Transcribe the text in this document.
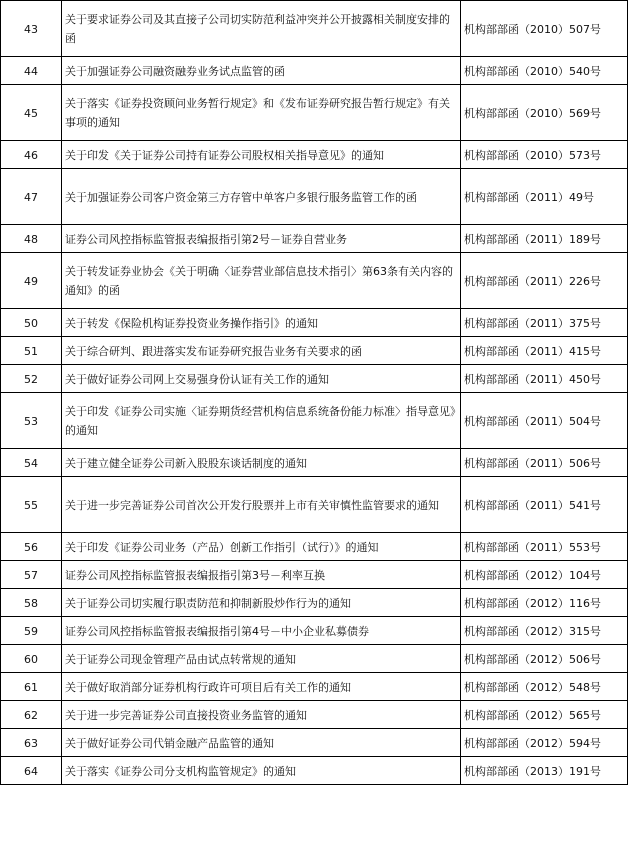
43	关于要求证券公司及其直接子公司切实防范利益冲突并公开披露相关制度安排的函	机构部部函（2010）507号
44	关于加强证券公司融资融券业务试点监管的函	机构部部函（2010）540号
45	关于落实《证券投资顾问业务暂行规定》和《发布证券研究报告暂行规定》有关事项的通知	机构部部函（2010）569号
46	关于印发《关于证券公司持有证券公司股权相关指导意见》的通知	机构部部函（2010）573号
47	关于加强证券公司客户资金第三方存管中单客户多银行服务监管工作的函	机构部部函（2011）49号
48	证券公司风控指标监管报表编报指引第2号－证券自营业务	机构部部函（2011）189号
49	关于转发证券业协会《关于明确〈证券营业部信息技术指引〉第63条有关内容的通知》的函	机构部部函（2011）226号
50	关于转发《保险机构证券投资业务操作指引》的通知	机构部部函（2011）375号
51	关于综合研判、跟进落实发布证券研究报告业务有关要求的函	机构部部函（2011）415号
52	关于做好证券公司网上交易强身份认证有关工作的通知	机构部部函（2011）450号
53	关于印发《证券公司实施〈证券期货经营机构信息系统备份能力标准〉指导意见》的通知	机构部部函（2011）504号
54	关于建立健全证券公司新入股股东谈话制度的通知	机构部部函（2011）506号
55	关于进一步完善证券公司首次公开发行股票并上市有关审慎性监管要求的通知	机构部部函（2011）541号
56	关于印发《证券公司业务（产品）创新工作指引（试行）》的通知	机构部部函（2011）553号
57	证券公司风控指标监管报表编报指引第3号－利率互换	机构部部函（2012）104号
58	关于证券公司切实履行职责防范和抑制新股炒作行为的通知	机构部部函（2012）116号
59	证券公司风控指标监管报表编报指引第4号－中小企业私募债券	机构部部函（2012）315号
60	关于证券公司现金管理产品由试点转常规的通知	机构部部函（2012）506号
61	关于做好取消部分证券机构行政许可项目后有关工作的通知	机构部部函（2012）548号
62	关于进一步完善证券公司直接投资业务监管的通知	机构部部函（2012）565号
63	关于做好证券公司代销金融产品监管的通知	机构部部函（2012）594号
64	关于落实《证券公司分支机构监管规定》的通知	机构部部函（2013）191号
